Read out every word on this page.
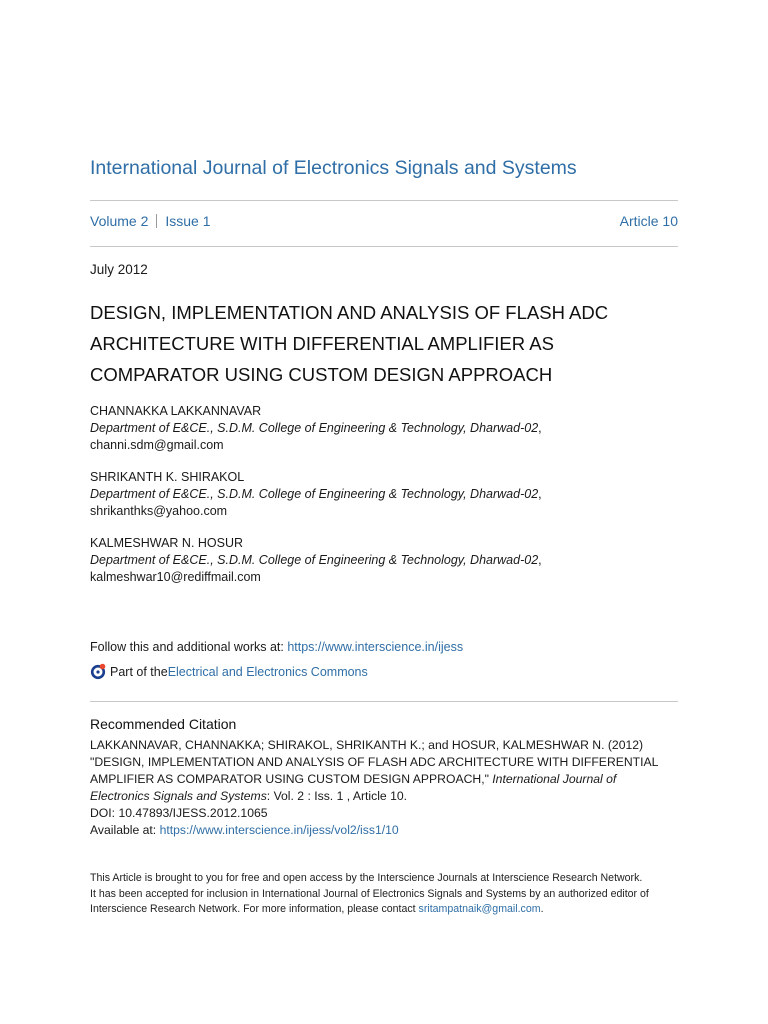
International Journal of Electronics Signals and Systems
Volume 2 Issue 1	Article 10
July 2012
DESIGN, IMPLEMENTATION AND ANALYSIS OF FLASH ADC ARCHITECTURE WITH DIFFERENTIAL AMPLIFIER AS COMPARATOR USING CUSTOM DESIGN APPROACH
CHANNAKKA LAKKANNAVAR
Department of E&CE., S.D.M. College of Engineering & Technology, Dharwad-02, channi.sdm@gmail.com
SHRIKANTH K. SHIRAKOL
Department of E&CE., S.D.M. College of Engineering & Technology, Dharwad-02, shrikanthks@yahoo.com
KALMESHWAR N. HOSUR
Department of E&CE., S.D.M. College of Engineering & Technology, Dharwad-02,
kalmeshwar10@rediffmail.com
Follow this and additional works at: https://www.interscience.in/ijess
Part of the Electrical and Electronics Commons
Recommended Citation
LAKKANNAVAR, CHANNAKKA; SHIRAKOL, SHRIKANTH K.; and HOSUR, KALMESHWAR N. (2012)
"DESIGN, IMPLEMENTATION AND ANALYSIS OF FLASH ADC ARCHITECTURE WITH DIFFERENTIAL AMPLIFIER AS COMPARATOR USING CUSTOM DESIGN APPROACH," International Journal of Electronics Signals and Systems: Vol. 2 : Iss. 1 , Article 10.
DOI: 10.47893/IJESS.2012.1065
Available at: https://www.interscience.in/ijess/vol2/iss1/10
This Article is brought to you for free and open access by the Interscience Journals at Interscience Research Network. It has been accepted for inclusion in International Journal of Electronics Signals and Systems by an authorized editor of Interscience Research Network. For more information, please contact sritampatnaik@gmail.com.
